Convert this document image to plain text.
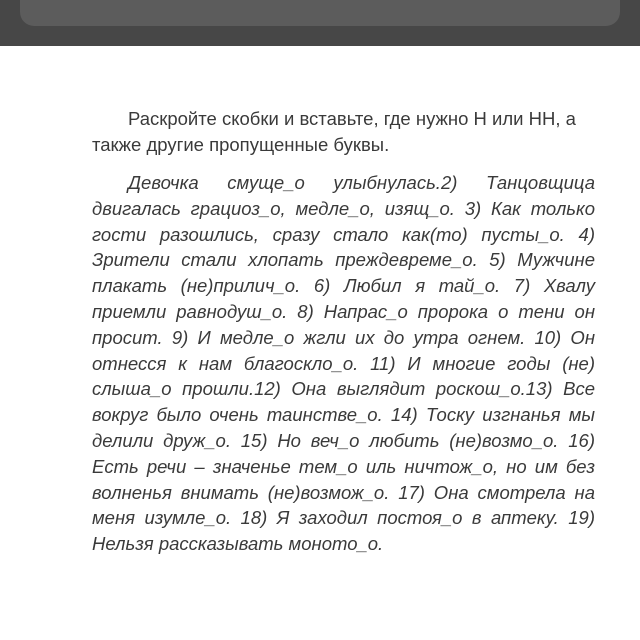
Раскройте скобки и вставьте, где нужно Н или НН, а также другие пропущенные буквы.

Девочка смуще_о улыбнулась.2) Танцовщица двигалась грациоз_о, медле_о, изящ_о. 3) Как только гости разошлись, сразу стало как(то) пусты_о. 4) Зрители стали хлопать преждевреме_о. 5) Мужчине плакать (не)прилич_о. 6) Любил я тай_о. 7) Хвалу приемли равнодуш_о. 8) Напрас_о пророка о тени он просит. 9) И медле_о жгли их до утра огнем. 10) Он отнесся к нам благоскло_о. 11) И многие годы (не) слыша_о прошли.12) Она выглядит роскош_о.13) Все вокруг было очень таинстве_о. 14) Тоску изгнанья мы делили друж_о. 15) Но веч_о любить (не)возмо_о. 16) Есть речи – значенье тем_о иль ничтож_о, но им без волненья внимать (не)возмож_о. 17) Она смотрела на меня изумле_о. 18) Я заходил постоя_о в аптеку. 19) Нельзя рассказывать моното_о.
